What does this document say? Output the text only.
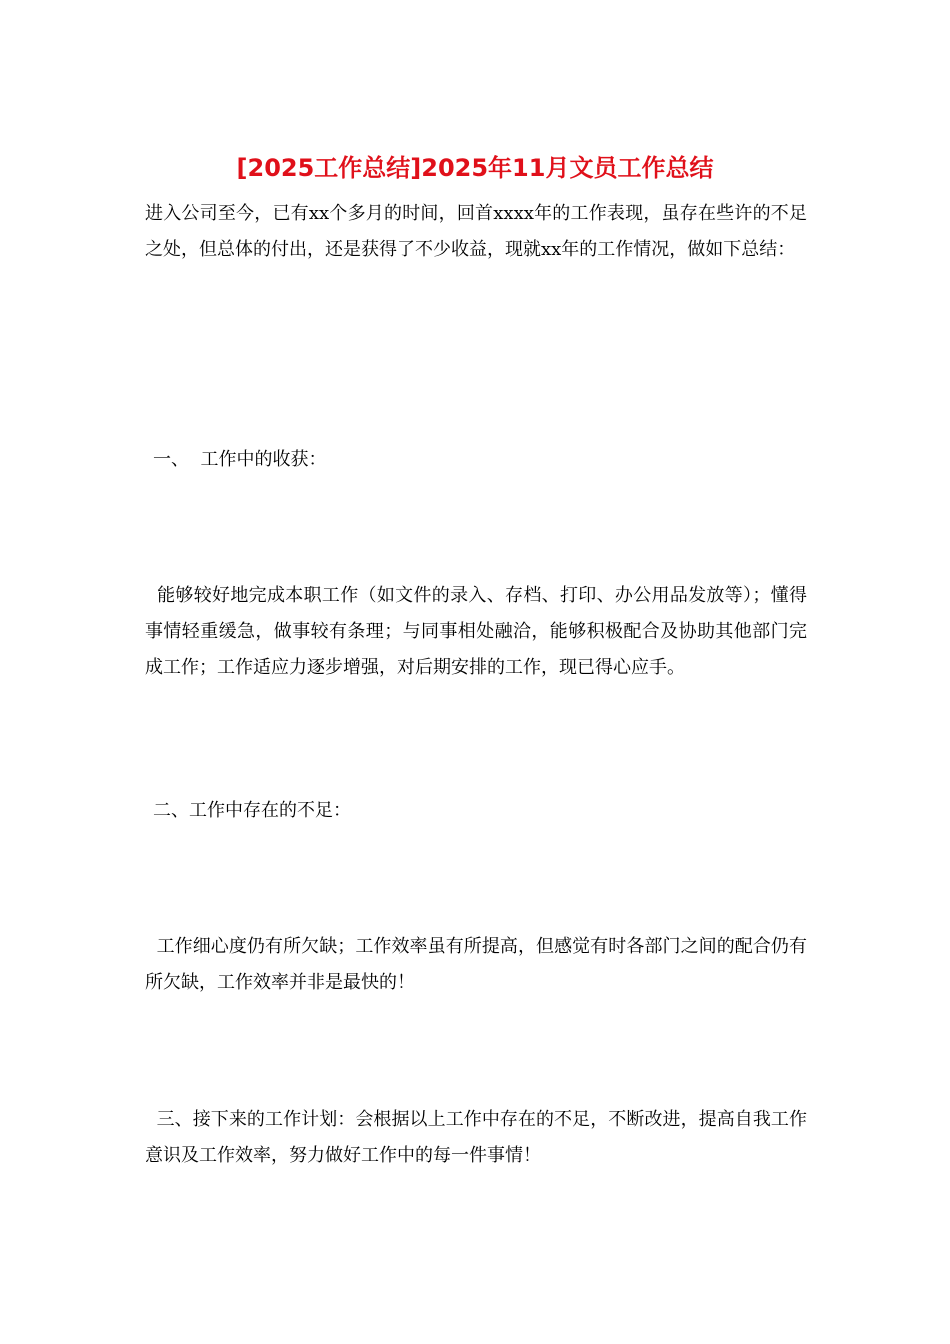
[2025工作总结]2025年11月文员工作总结

进入公司至今，已有xx个多月的时间，回首xxxx年的工作表现，虽存在些许的不足之处，但总体的付出，还是获得了不少收益，现就xx年的工作情况，做如下总结：

一、  工作中的收获：

能够较好地完成本职工作（如文件的录入、存档、打印、办公用品发放等）；懂得事情轻重缓急，做事较有条理；与同事相处融洽，能够积极配合及协助其他部门完成工作；工作适应力逐步增强，对后期安排的工作，现已得心应手。

二、工作中存在的不足：

工作细心度仍有所欠缺；工作效率虽有所提高，但感觉有时各部门之间的配合仍有所欠缺，工作效率并非是最快的！

三、接下来的工作计划：会根据以上工作中存在的不足，不断改进，提高自我工作意识及工作效率，努力做好工作中的每一件事情！
